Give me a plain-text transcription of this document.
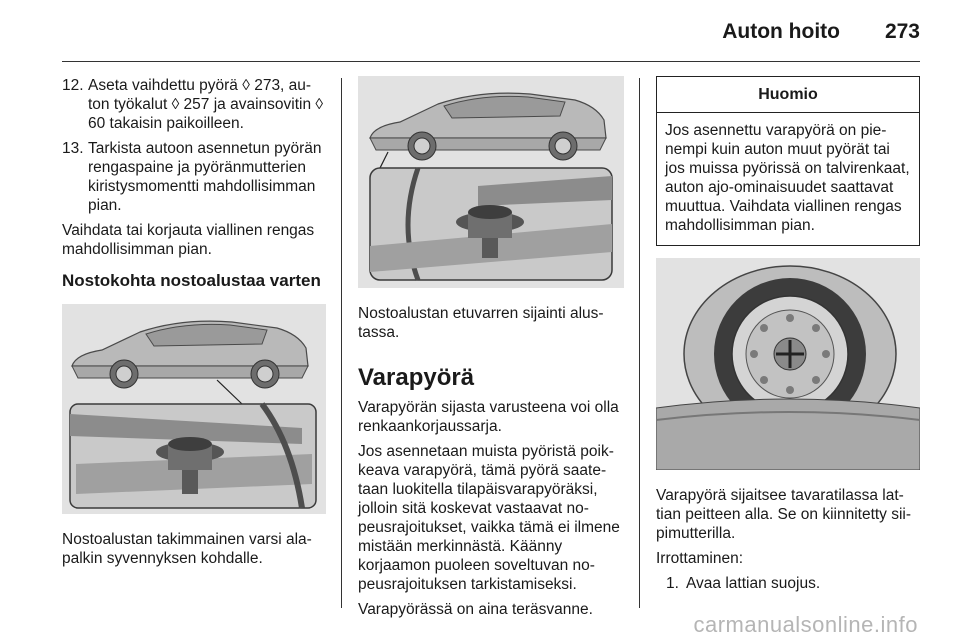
Auton hoito 273
12. Aseta vaihdettu pyörä ◊ 273, auton työkalut ◊ 257 ja avainsovitin ◊ 60 takaisin paikoilleen.
13. Tarkista autoon asennetun pyörän rengaspaine ja pyöränmutterien kiristysmomentti mahdollisimman pian.
Vaihdata tai korjauta viallinen rengas mahdollisimman pian.
Nostokohta nostoalustaa varten
Nostoalustan takimmainen varsi alapalkin syvennyksen kohdalle.
Nostoalustan etuvarren sijainti alustassa.
Varapyörä
Varapyörän sijasta varusteena voi olla renkaankorjaussarja.
Jos asennetaan muista pyöristä poikkeava varapyörä, tämä pyörä saatetaan luokitella tilapäisvarapyöräksi, jolloin sitä koskevat vastaavat nopeusrajoitukset, vaikka tämä ei ilmene mistään merkinnästä. Käänny korjaamon puoleen soveltuvan nopeusrajoituksen tarkistamiseksi.
Varapyörässä on aina teräsvanne.
Huomio
Jos asennettu varapyörä on pienempi kuin auton muut pyörät tai jos muissa pyörissä on talvirenkaat, auton ajo-ominaisuudet saattavat muuttua. Vaihdata viallinen rengas mahdollisimman pian.
Varapyörä sijaitsee tavaratilassa lattian peitteen alla. Se on kiinnitetty siipimutterilla.
Irrottaminen:
1. Avaa lattian suojus.
carmanualsonline.info
